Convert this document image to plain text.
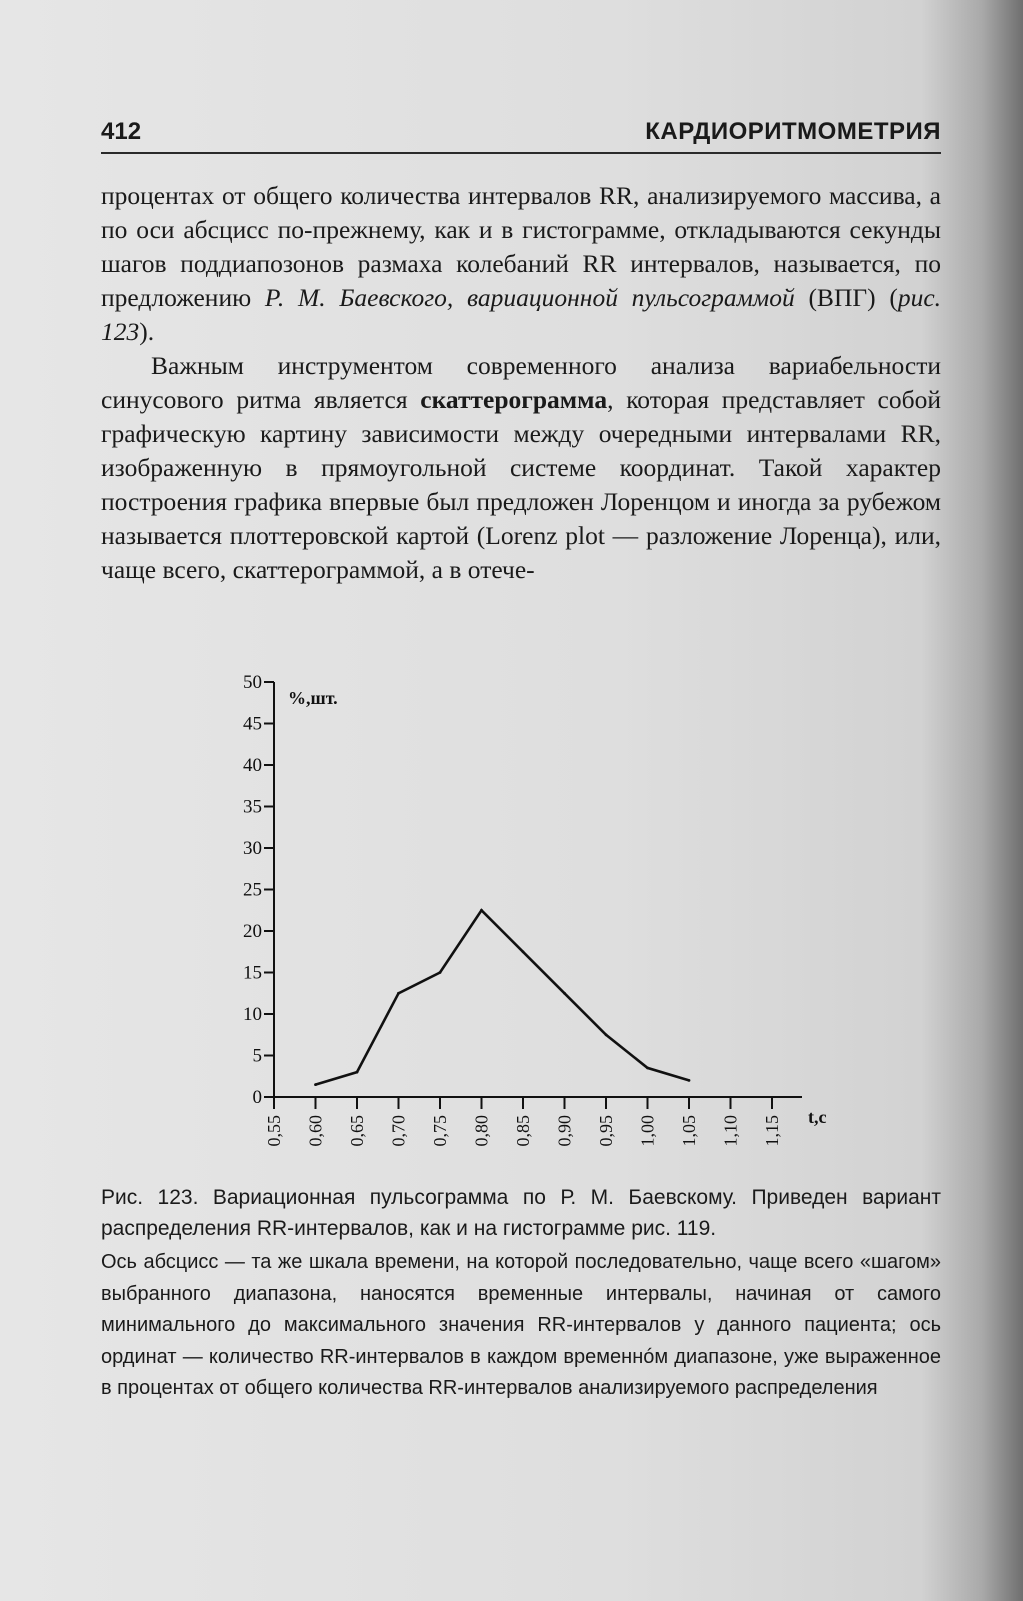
412	КАРДИОРИТМОМЕТРИЯ

процентах от общего количества интервалов RR, анализируемого массива, а по оси абсцисс по-прежнему, как и в гистограмме, откладываются секунды шагов поддиапозонов размаха колебаний RR интервалов, называется, по предложению Р. М. Баевского, вариационной пульсограммой (ВПГ) (рис. 123).

Важным инструментом современного анализа вариабельности синусового ритма является скаттерограмма, которая представляет собой графическую картину зависимости между очередными интервалами RR, изображенную в прямоугольной системе координат. Такой характер построения графика впервые был предложен Лоренцом и иногда за рубежом называется плоттеровской картой (Lorenz plot — разложение Лоренца), или, чаще всего, скаттерограммой, а в отече-

0
5
10
15
20
25
30
35
40
45
50
0,55 0,60 0,65 0,70 0,75 0,80 0,85 0,90 0,95 1,00 1,05 1,10 1,15
%,шт.
t,c

Рис. 123. Вариационная пульсограмма по Р. М. Баевскому. Приведен вариант распределения RR-интервалов, как и на гистограмме рис. 119.

Ось абсцисс — та же шкала времени, на которой последовательно, чаще всего «шагом» выбранного диапазона, наносятся временные интервалы, начиная от самого минимального до максимального значения RR-интервалов у данного пациента; ось ординат — количество RR-интервалов в каждом временнóм диапазоне, уже выраженное в процентах от общего количества RR-интервалов анализируемого распределения
